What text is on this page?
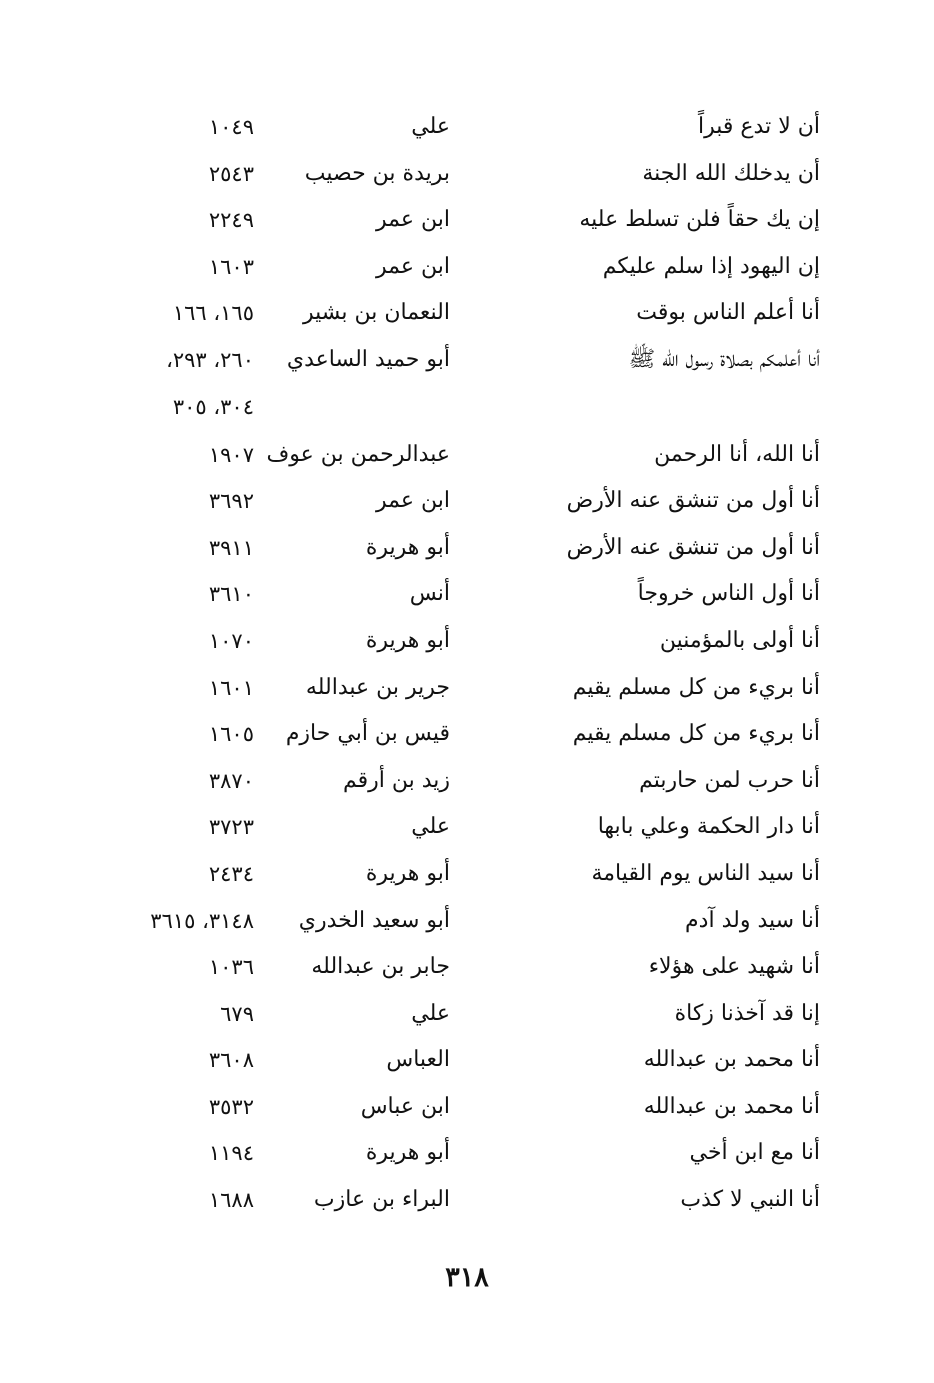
أن لا تدع قبراً
علي
١٠٤٩
أن يدخلك الله الجنة
بريدة بن حصيب
٢٥٤٣
إن يك حقاً فلن تسلط عليه
ابن عمر
٢٢٤٩
إن اليهود إذا سلم عليكم
ابن عمر
١٦٠٣
أنا أعلم الناس بوقت
النعمان بن بشير
١٦٥، ١٦٦
أنا أعلمكم بصلاة رسول الله ﷺ
أبو حميد الساعدي
٢٦٠، ٢٩٣،
٣٠٤، ٣٠٥
أنا الله، أنا الرحمن
عبدالرحمن بن عوف
١٩٠٧
أنا أول من تنشق عنه الأرض
ابن عمر
٣٦٩٢
أنا أول من تنشق عنه الأرض
أبو هريرة
٣٩١١
أنا أول الناس خروجاً
أنس
٣٦١٠
أنا أولى بالمؤمنين
أبو هريرة
١٠٧٠
أنا بريء من كل مسلم يقيم
جرير بن عبدالله
١٦٠١
أنا بريء من كل مسلم يقيم
قيس بن أبي حازم
١٦٠٥
أنا حرب لمن حاربتم
زيد بن أرقم
٣٨٧٠
أنا دار الحكمة وعلي بابها
علي
٣٧٢٣
أنا سيد الناس يوم القيامة
أبو هريرة
٢٤٣٤
أنا سيد ولد آدم
أبو سعيد الخدري
٣١٤٨، ٣٦١٥
أنا شهيد على هؤلاء
جابر بن عبدالله
١٠٣٦
إنا قد آخذنا زكاة
علي
٦٧٩
أنا محمد بن عبدالله
العباس
٣٦٠٨
أنا محمد بن عبدالله
ابن عباس
٣٥٣٢
أنا مع ابن أخي
أبو هريرة
١١٩٤
أنا النبي لا كذب
البراء بن عازب
١٦٨٨
٣١٨
